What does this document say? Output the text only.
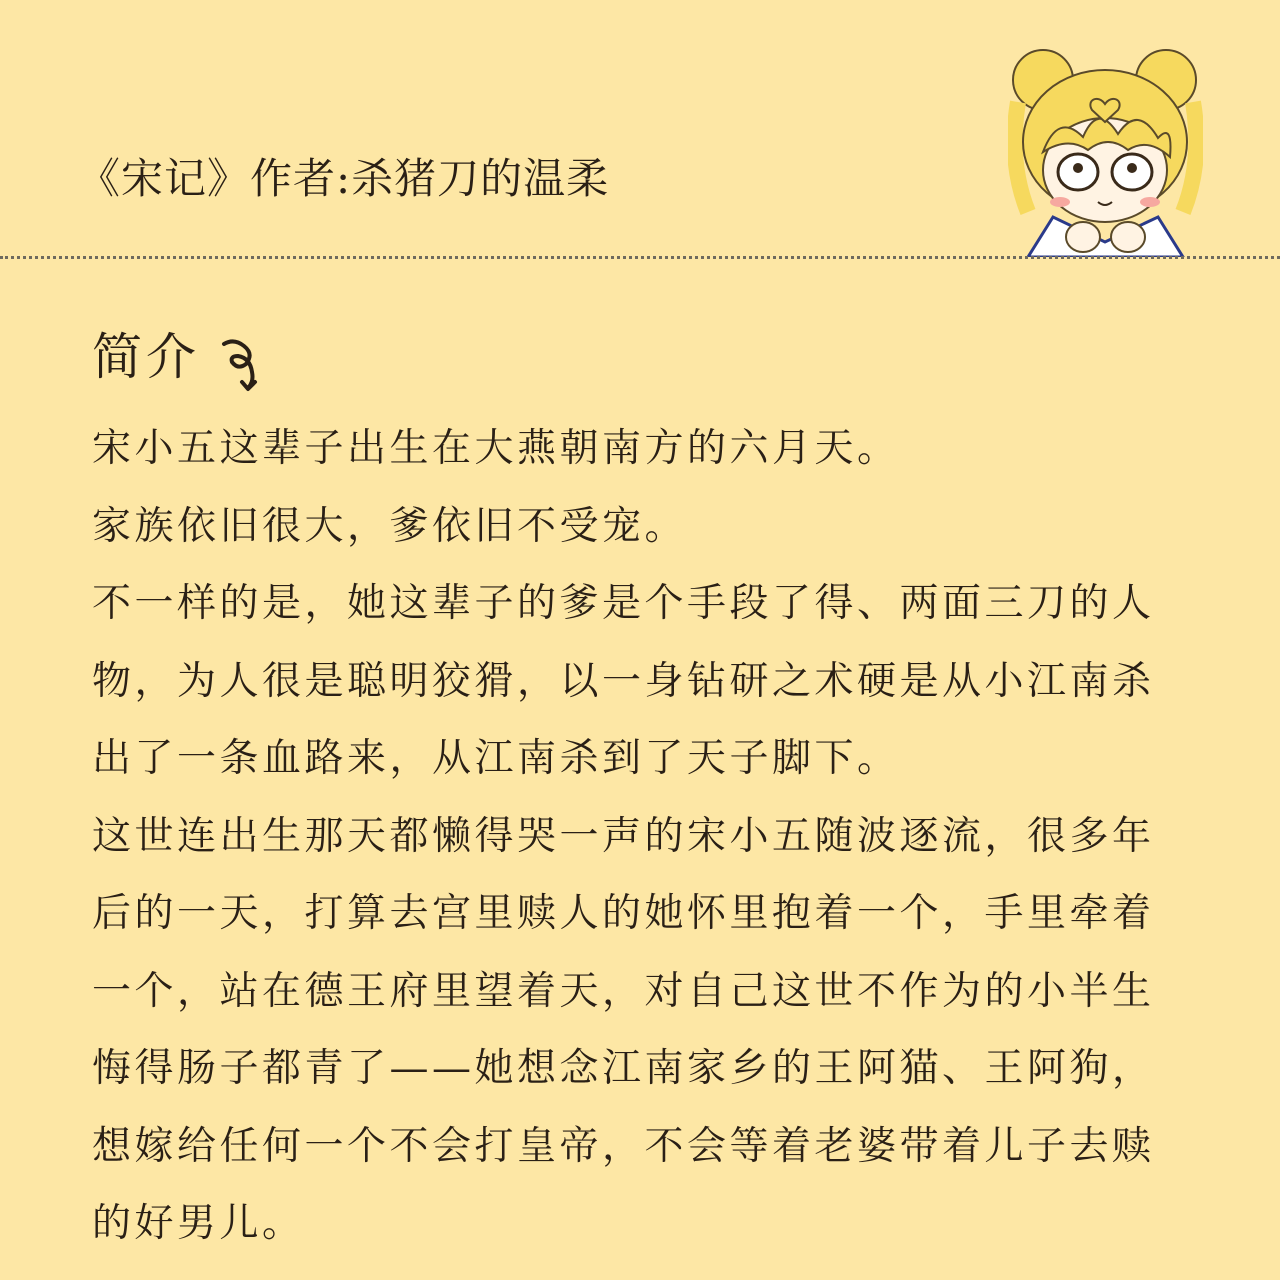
《宋记》作者:杀猪刀的温柔
简介

宋小五这辈子出生在大燕朝南方的六月天。

家族依旧很大，爹依旧不受宠。

不一样的是，她这辈子的爹是个手段了得、两面三刀的人物，为人很是聪明狡猾，以一身钻研之术硬是从小江南杀出了一条血路来，从江南杀到了天子脚下。

这世连出生那天都懒得哭一声的宋小五随波逐流，很多年后的一天，打算去宫里赎人的她怀里抱着一个，手里牵着一个，站在德王府里望着天，对自己这世不作为的小半生悔得肠子都青了——她想念江南家乡的王阿猫、王阿狗，想嫁给任何一个不会打皇帝，不会等着老婆带着儿子去赎的好男儿。
